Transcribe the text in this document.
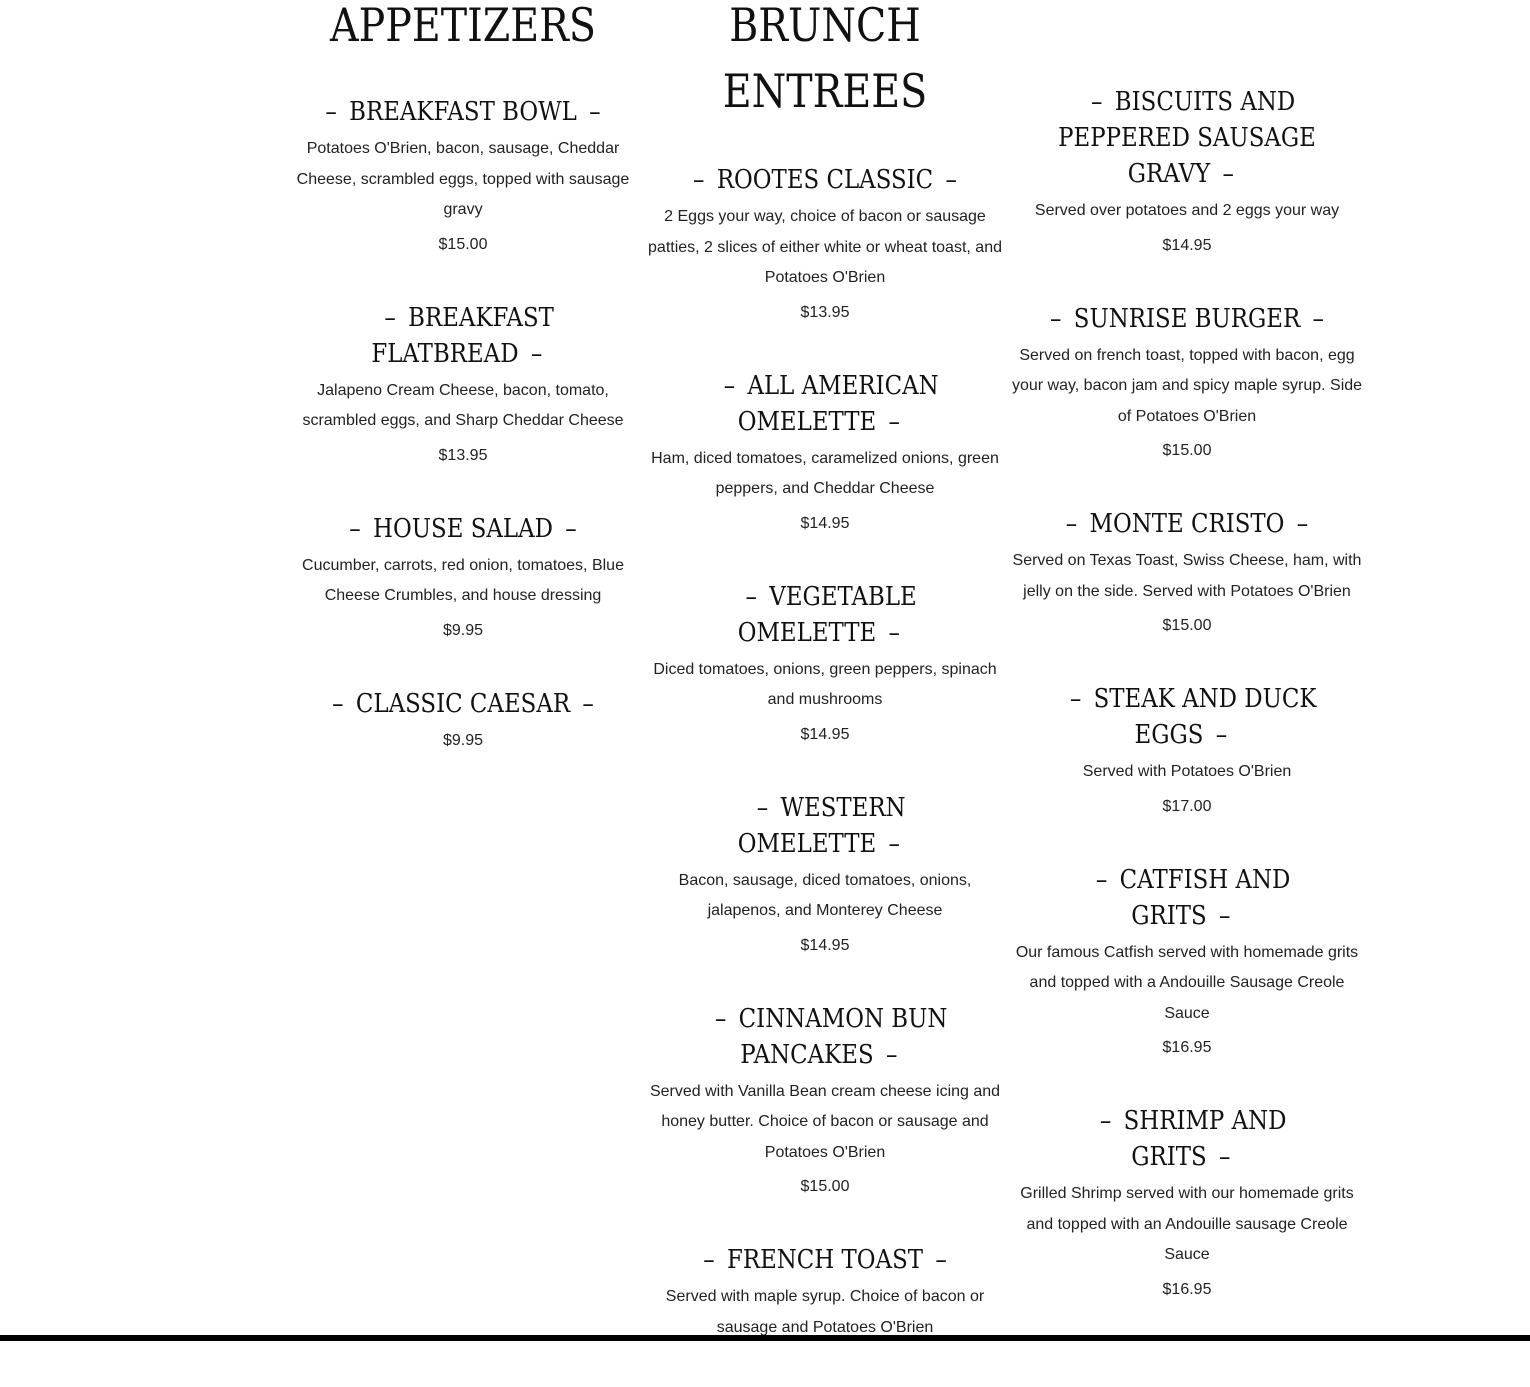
APPETIZERS
– BREAKFAST BOWL –

Potatoes O'Brien, bacon, sausage, Cheddar Cheese, scrambled eggs, topped with sausage gravy

$15.00
– BREAKFAST FLATBREAD –

Jalapeno Cream Cheese, bacon, tomato, scrambled eggs, and Sharp Cheddar Cheese

$13.95
– HOUSE SALAD –

Cucumber, carrots, red onion, tomatoes, Blue Cheese Crumbles, and house dressing

$9.95
– CLASSIC CAESAR –
$9.95
BRUNCH
ENTREES
– ROOTES CLASSIC –

2 Eggs your way, choice of bacon or sausage patties, 2 slices of either white or wheat toast, and Potatoes O'Brien

$13.95
– ALL AMERICAN OMELETTE –

Ham, diced tomatoes, caramelized onions, green peppers, and Cheddar Cheese

$14.95
– VEGETABLE OMELETTE –

Diced tomatoes, onions, green peppers, spinach and mushrooms

$14.95
– WESTERN OMELETTE –

Bacon, sausage, diced tomatoes, onions, jalapenos, and Monterey Cheese

$14.95
– CINNAMON BUN PANCAKES –

Served with Vanilla Bean cream cheese icing and honey butter. Choice of bacon or sausage and Potatoes O'Brien

$15.00
– FRENCH TOAST –

Served with maple syrup. Choice of bacon or sausage and Potatoes O'Brien

– BISCUITS AND PEPPERED SAUSAGE GRAVY –

Served over potatoes and 2 eggs your way

$14.95
– SUNRISE BURGER –

Served on french toast, topped with bacon, egg your way, bacon jam and spicy maple syrup. Side of Potatoes O'Brien

$15.00
– MONTE CRISTO –

Served on Texas Toast, Swiss Cheese, ham, with jelly on the side. Served with Potatoes O'Brien

$15.00
– STEAK AND DUCK EGGS –

Served with Potatoes O'Brien

$17.00
– CATFISH AND GRITS –

Our famous Catfish served with homemade grits and topped with a Andouille Sausage Creole Sauce

$16.95
– SHRIMP AND GRITS –

Grilled Shrimp served with our homemade grits and topped with an Andouille sausage Creole Sauce

$16.95
